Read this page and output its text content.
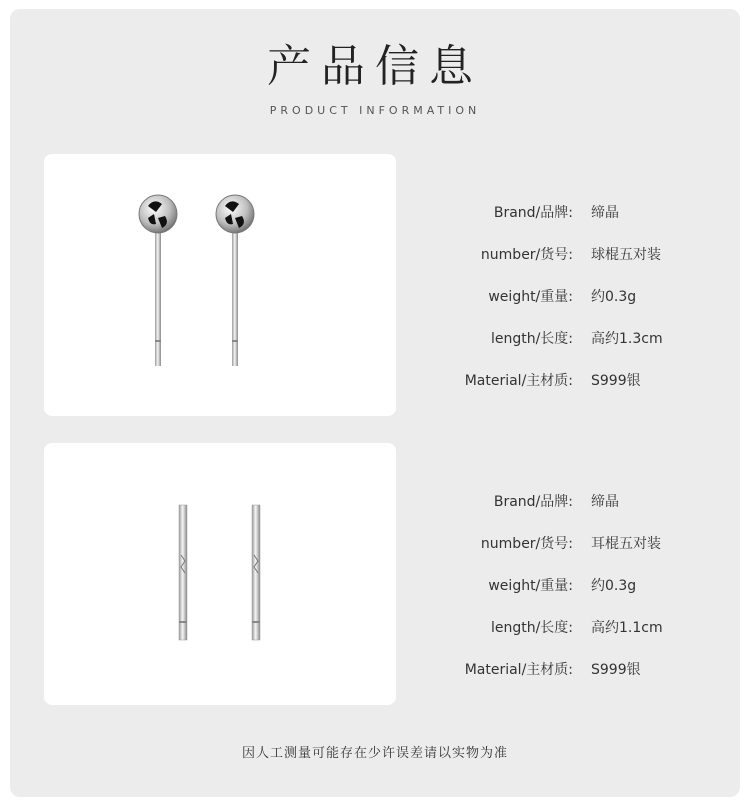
产品信息
PRODUCT INFORMATION
Brand/品牌: 缔晶
number/货号: 球棍五对装
weight/重量: 约0.3g
length/长度: 高约1.3cm
Material/主材质: S999银
Brand/品牌: 缔晶
number/货号: 耳棍五对装
weight/重量: 约0.3g
length/长度: 高约1.1cm
Material/主材质: S999银
因人工测量可能存在少许误差请以实物为准
